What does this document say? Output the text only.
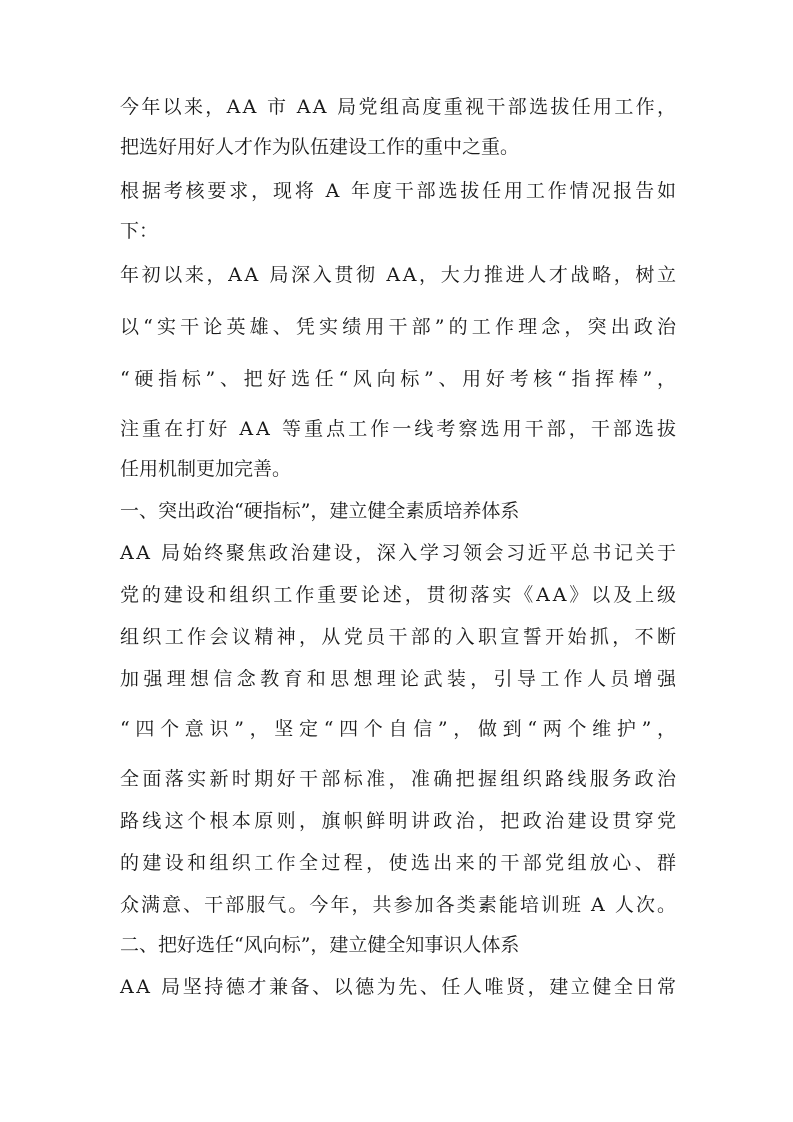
今年以来，AA 市 AA 局党组高度重视干部选拔任用工作，
把选好用好人才作为队伍建设工作的重中之重。
根据考核要求，现将 A 年度干部选拔任用工作情况报告如
下：
年初以来，AA 局深入贯彻 AA，大力推进人才战略，树立
以“实干论英雄、凭实绩用干部”的工作理念，突出政治
“硬指标”、把好选任“风向标”、用好考核“指挥棒”，
注重在打好 AA 等重点工作一线考察选用干部，干部选拔
任用机制更加完善。
一、突出政治“硬指标”，建立健全素质培养体系
AA 局始终聚焦政治建设，深入学习领会习近平总书记关于
党的建设和组织工作重要论述，贯彻落实《AA》以及上级
组织工作会议精神，从党员干部的入职宣誓开始抓，不断
加强理想信念教育和思想理论武装，引导工作人员增强
“四个意识”，坚定“四个自信”，做到“两个维护”，
全面落实新时期好干部标准，准确把握组织路线服务政治
路线这个根本原则，旗帜鲜明讲政治，把政治建设贯穿党
的建设和组织工作全过程，使选出来的干部党组放心、群
众满意、干部服气。今年，共参加各类素能培训班 A 人次。
二、把好选任“风向标”，建立健全知事识人体系
AA 局坚持德才兼备、以德为先、任人唯贤，建立健全日常
